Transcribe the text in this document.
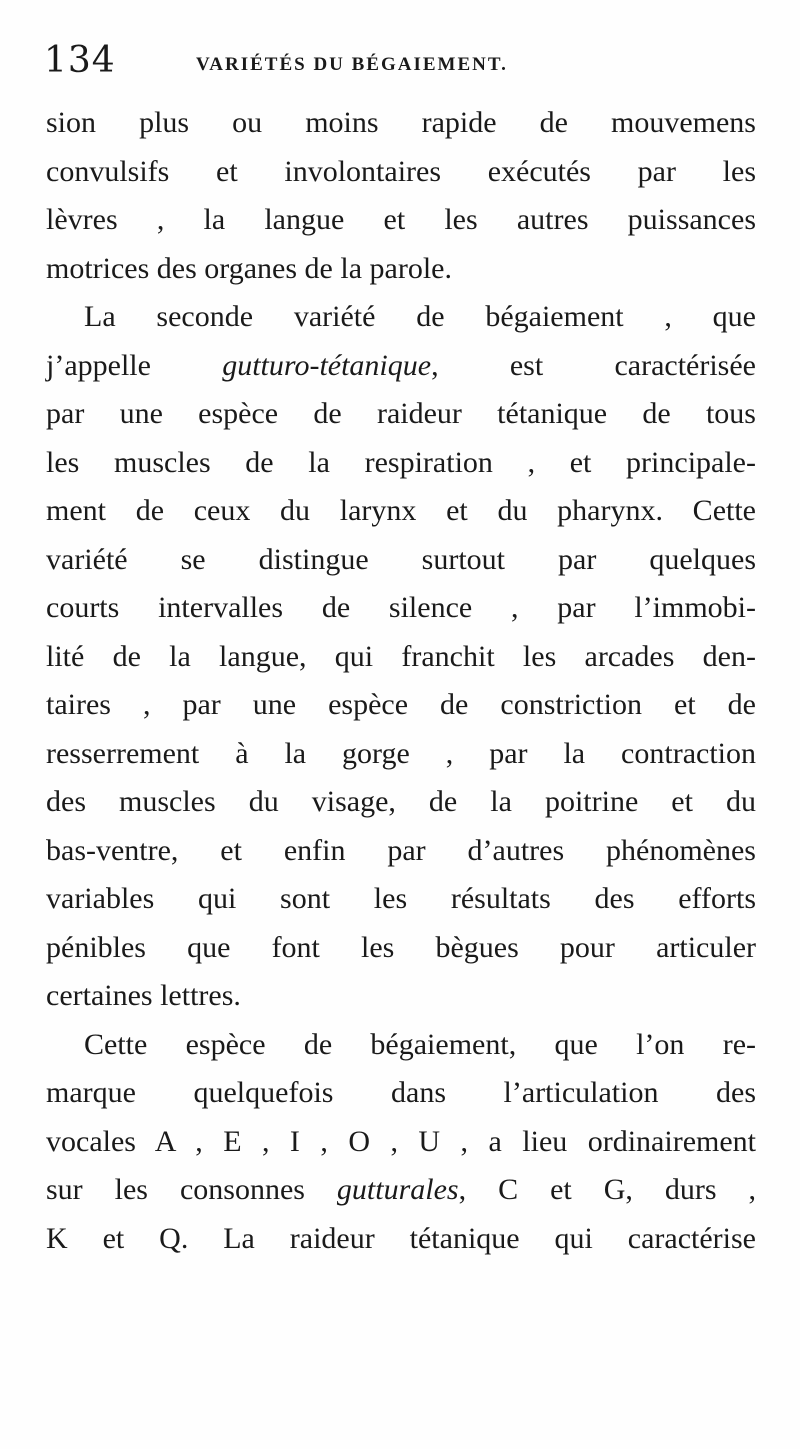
134	VARIÉTÉS DU BÉGAIEMENT.
sion plus ou moins rapide de mouvemens
convulsifs et involontaires exécutés par les
lèvres , la langue et les autres puissances
motrices des organes de la parole.
La seconde variété de bégaiement , que
j’appelle gutturo-tétanique, est caractérisée
par une espèce de raideur tétanique de tous
les muscles de la respiration , et principale-
ment de ceux du larynx et du pharynx. Cette
variété se distingue surtout par quelques
courts intervalles de silence , par l’immobi-
lité de la langue, qui franchit les arcades den-
taires , par une espèce de constriction et de
resserrement à la gorge , par la contraction
des muscles du visage, de la poitrine et du
bas-ventre, et enfin par d’autres phénomènes
variables qui sont les résultats des efforts
pénibles que font les bègues pour articuler
certaines lettres.
Cette espèce de bégaiement, que l’on re-
marque quelquefois dans l’articulation des
vocales A , E , I , O , U , a lieu ordinairement
sur les consonnes gutturales, C et G, durs ,
K et Q. La raideur tétanique qui caractérise
